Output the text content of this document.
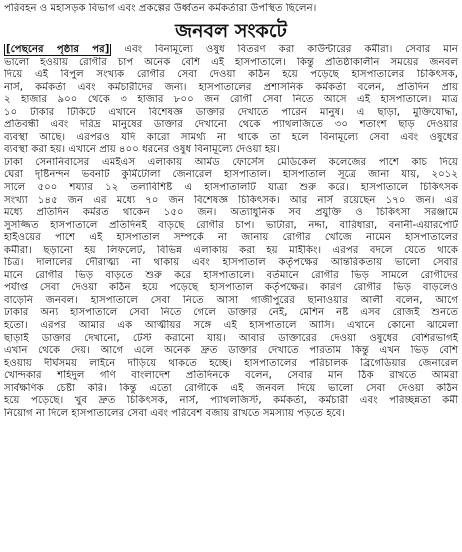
পরিবহন ও মহাসড়ক বিভাগ এবং প্রকল্পের উর্ধ্বতন কর্মকর্তারা উপস্থিত ছিলেন।
জনবল সংকটে
[পেছনের পৃষ্ঠার পর] এবং বিনামূল্যে ওষুধ বিতরণ করা কাউন্টারের কর্মীরা। সেবার মান
ভালো হওয়ায় রোগীর চাপ অনেক বেশি এই হাসপাতালে। কিন্তু প্রতিষ্ঠাকালীন সময়ের জনবল
দিয়ে এই বিপুল সংখ্যক রোগীর সেবা দেওয়া কঠিন হয়ে পড়েছে হাসপাতালের চিকিৎসক,
নার্স, কর্মকর্তা এবং কর্মচারীদের জন্য। হাসপাতালের প্রশাসনিক কর্মকর্তা বলেন, প্রতিদিন প্রায়
২ হাজার ৯০০ থেকে ৩ হাজার ৮০০ জন রোগী সেবা নিতে আসে এই হাসপাতালে। মাত্র
১০ টাকার টিকিটে এখানে বিশেষজ্ঞ ডাক্তার দেখাতে পারেন মানুষ। এ ছাড়া, মুক্তিযোদ্ধা,
প্রতিবন্ধী এবং দরিদ্র মানুষের ডাক্তার দেখানো থেকে প্যাথলজিতে ৩০ শতাংশ ছাড় দেওয়ার
ব্যবস্থা আছে। এরপরও যদি কারো সামর্থ্য না থাকে তা হলে বিনামূল্যে সেবা এবং ওষুধের
ব্যবস্থা করা হয়। এখানে প্রায় ৪০০ ধরনের ওষুধ বিনামূল্যে দেওয়া হয়।
ঢাকা সেনানিবাসের এমইএস এলাকায় আর্মড ফোর্সেস মেডিকেল কলেজের পাশে কাচ দিয়ে
ঘেরা দৃষ্টিনন্দন ভবনটি কুর্মিটোলা জেনারেল হাসপাতাল। হাসপাতাল সূত্রে জানা যায়, ২০১২
সালে ৫০০ শয্যার ১২ তলাবিশিষ্ট এ হাসপাতালটি যাত্রা শুরু করে। হাসপাতালে চিকিৎসক
সংখ্যা ১৪৫ জন এর মধ্যে ৭০ জন বিশেষজ্ঞ চিকিৎসক। আর নার্স রয়েছেন ১৭০ জন। এর
মধ্যে প্রতিদিন কর্মরত থাকেন ১৫০ জন। অত্যাধুনিক সব প্রযুক্তি ও চিকিৎসা সরঞ্জামে
সুসজ্জিত হাসপাতালে প্রতিদিনই বাড়ছে রোগীর চাপ। ভাটারা, নদ্দা, বারিধারা, বনানী-এয়ারপোর্ট
হাইওয়ের পাশে এই হাসপাতাল সম্পর্কে না জানায় রোগীর খোঁজে নামেন হাসপাতালের
কর্মীরা। ছড়ানো হয় লিফলেট, বিভিন্ন এলাকায় করা হয় মাইকিং। এরপর বদলে যেতে থাকে
চিত্র। দালালের দৌরাত্ম্য না থাকায় এবং হাসপাতাল কর্তৃপক্ষের আন্তরিকতায় ভালো সেবার
মানে রোগীর ভিড় বাড়তে শুরু করে হাসপাতালে। বর্তমানে রোগীর ভিড় সামলে রোগীদের
পর্যাপ্ত সেবা দেওয়া কঠিন হয়ে পড়েছে হাসপাতাল কর্তৃপক্ষের। কারণ রোগীর ভিড় বাড়লেও
বাড়েনি জনবল। হাসপাতালে সেবা নিতে আসা গাজীপুরের ছানাওয়ার আলী বলেন, আগে
ঢাকার অন্য হাসপাতালে সেবা নিতে গেলে ডাক্তার নেই, মেশিন নষ্ট এসব রোজই শুনতে
হতো। এরপর আমার এক আত্মীয়র সঙ্গে এই হাসপাতালে আসি। এখানে কোনো ঝামেলা
ছাড়াই ডাক্তার দেখানো, টেস্ট করানো যায়। আবার ডাক্তারের দেওয়া ওষুধের বেশিরভাগই
এখান থেকে দেয়। আগে এলে অনেক দ্রুত ডাক্তার দেখাতে পারতাম কিন্তু এখন ভিড় বেশি
হওয়ায় দীর্ঘসময় লাইনে দাঁড়িয়ে থাকতে হচ্ছে। হাসপাতালের পরিচালক ব্রিগেডিয়ার জেনারেল
খোন্দকার শহিদুল গণি বাংলাদেশ প্রতিদিনকে বলেন, সেবার মান ঠিক রাখতে আমরা
সার্বক্ষণিক চেষ্টা করি। কিন্তু এতো রোগীকে এই জনবল দিয়ে ভালো সেবা দেওয়া কঠিন
হয়ে পড়েছে। খুব দ্রুত চিকিৎসক, নার্স, প্যাথলজিস্ট, কর্মকর্তা, কর্মচারী এবং পরিচ্ছন্নতা কর্মী
নিয়োগ না দিলে হাসপাতালের সেবা এবং পরিবেশ বজায় রাখতে সমস্যায় পড়তে হবে।
